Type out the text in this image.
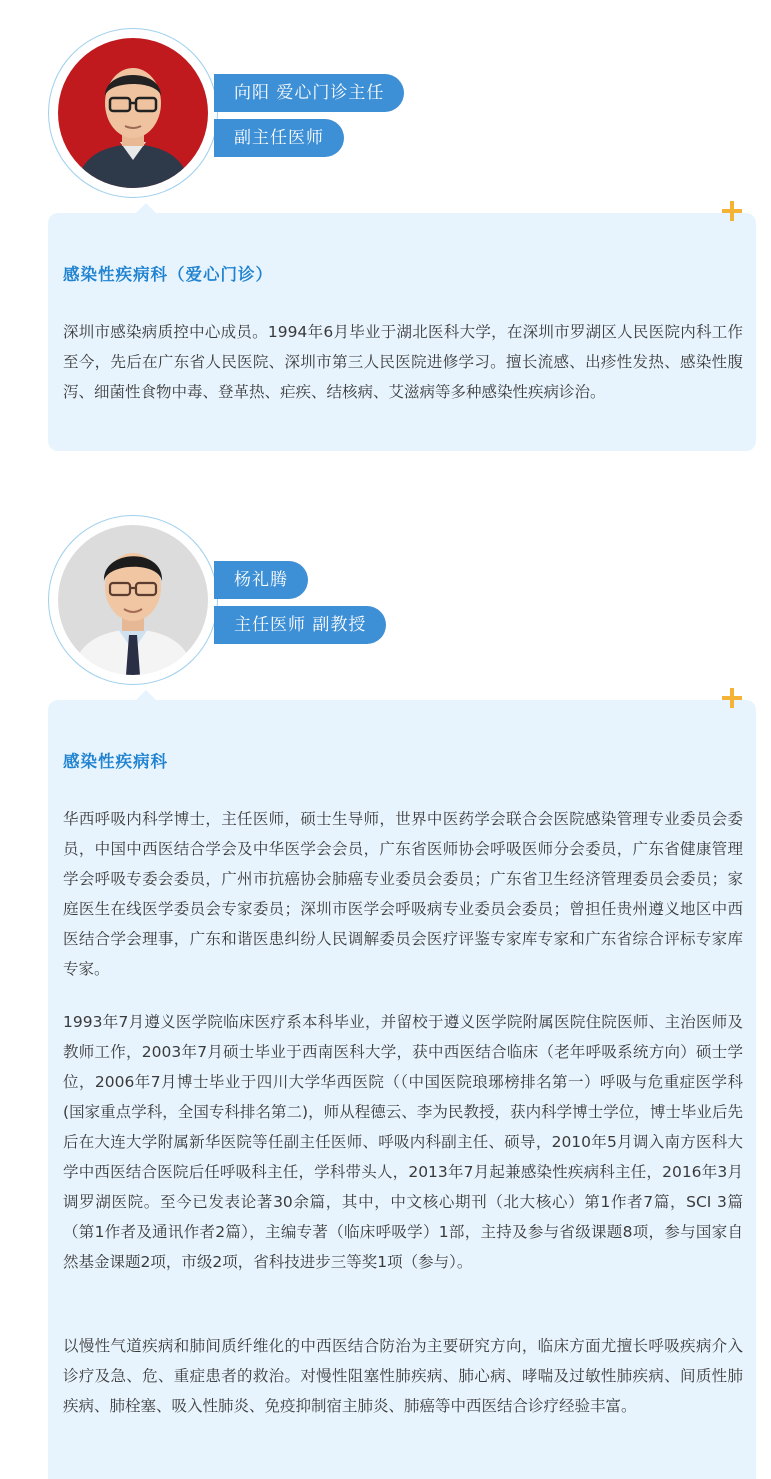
向阳 爱心门诊主任
副主任医师
感染性疾病科（爱心门诊）

深圳市感染病质控中心成员。1994年6月毕业于湖北医科大学，在深圳市罗湖区人民医院内科工作至今，先后在广东省人民医院、深圳市第三人民医院进修学习。擅长流感、出疹性发热、感染性腹泻、细菌性食物中毒、登革热、疟疾、结核病、艾滋病等多种感染性疾病诊治。

杨礼腾
主任医师 副教授
感染性疾病科

华西呼吸内科学博士，主任医师，硕士生导师，世界中医药学会联合会医院感染管理专业委员会委员，中国中西医结合学会及中华医学会会员，广东省医师协会呼吸医师分会委员，广东省健康管理学会呼吸专委会委员，广州市抗癌协会肺癌专业委员会委员；广东省卫生经济管理委员会委员；家庭医生在线医学委员会专家委员；深圳市医学会呼吸病专业委员会委员；曾担任贵州遵义地区中西医结合学会理事，广东和谐医患纠纷人民调解委员会医疗评鉴专家库专家和广东省综合评标专家库专家。

1993年7月遵义医学院临床医疗系本科毕业，并留校于遵义医学院附属医院住院医师、主治医师及教师工作，2003年7月硕士毕业于西南医科大学，获中西医结合临床（老年呼吸系统方向）硕士学位，2006年7月博士毕业于四川大学华西医院（（中国医院琅琊榜排名第一）呼吸与危重症医学科(国家重点学科，全国专科排名第二)，师从程德云、李为民教授，获内科学博士学位，博士毕业后先后在大连大学附属新华医院等任副主任医师、呼吸内科副主任、硕导，2010年5月调入南方医科大学中西医结合医院后任呼吸科主任，学科带头人，2013年7月起兼感染性疾病科主任，2016年3月调罗湖医院。至今已发表论著30余篇，其中，中文核心期刊（北大核心）第1作者7篇，SCI 3篇（第1作者及通讯作者2篇），主编专著（临床呼吸学）1部，主持及参与省级课题8项，参与国家自然基金课题2项，市级2项，省科技进步三等奖1项（参与）。

以慢性气道疾病和肺间质纤维化的中西医结合防治为主要研究方向，临床方面尤擅长呼吸疾病介入诊疗及急、危、重症患者的救治。对慢性阻塞性肺疾病、肺心病、哮喘及过敏性肺疾病、间质性肺疾病、肺栓塞、吸入性肺炎、免疫抑制宿主肺炎、肺癌等中西医结合诊疗经验丰富。
